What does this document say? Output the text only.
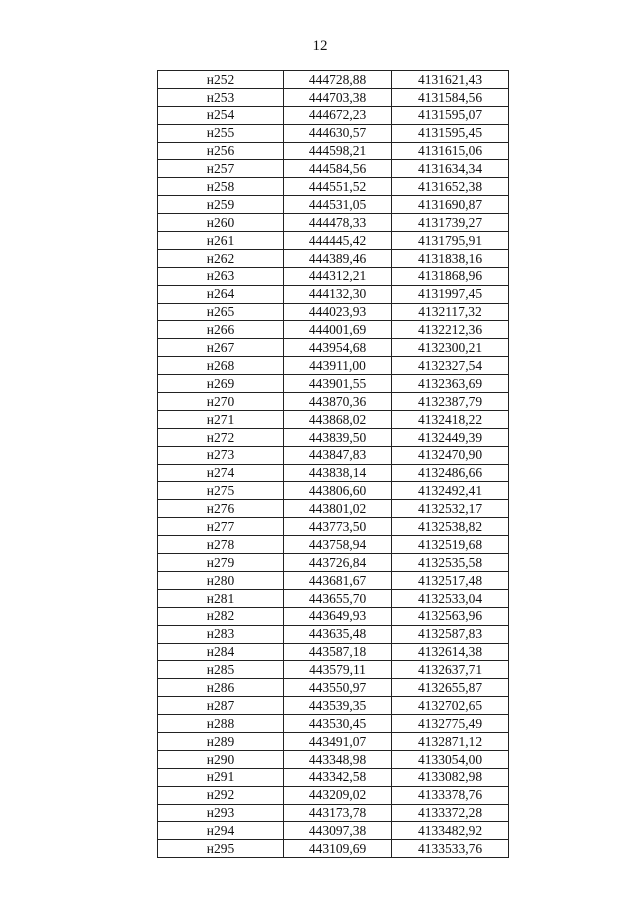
12
н252	444728,88	4131621,43
н253	444703,38	4131584,56
н254	444672,23	4131595,07
н255	444630,57	4131595,45
н256	444598,21	4131615,06
н257	444584,56	4131634,34
н258	444551,52	4131652,38
н259	444531,05	4131690,87
н260	444478,33	4131739,27
н261	444445,42	4131795,91
н262	444389,46	4131838,16
н263	444312,21	4131868,96
н264	444132,30	4131997,45
н265	444023,93	4132117,32
н266	444001,69	4132212,36
н267	443954,68	4132300,21
н268	443911,00	4132327,54
н269	443901,55	4132363,69
н270	443870,36	4132387,79
н271	443868,02	4132418,22
н272	443839,50	4132449,39
н273	443847,83	4132470,90
н274	443838,14	4132486,66
н275	443806,60	4132492,41
н276	443801,02	4132532,17
н277	443773,50	4132538,82
н278	443758,94	4132519,68
н279	443726,84	4132535,58
н280	443681,67	4132517,48
н281	443655,70	4132533,04
н282	443649,93	4132563,96
н283	443635,48	4132587,83
н284	443587,18	4132614,38
н285	443579,11	4132637,71
н286	443550,97	4132655,87
н287	443539,35	4132702,65
н288	443530,45	4132775,49
н289	443491,07	4132871,12
н290	443348,98	4133054,00
н291	443342,58	4133082,98
н292	443209,02	4133378,76
н293	443173,78	4133372,28
н294	443097,38	4133482,92
н295	443109,69	4133533,76
